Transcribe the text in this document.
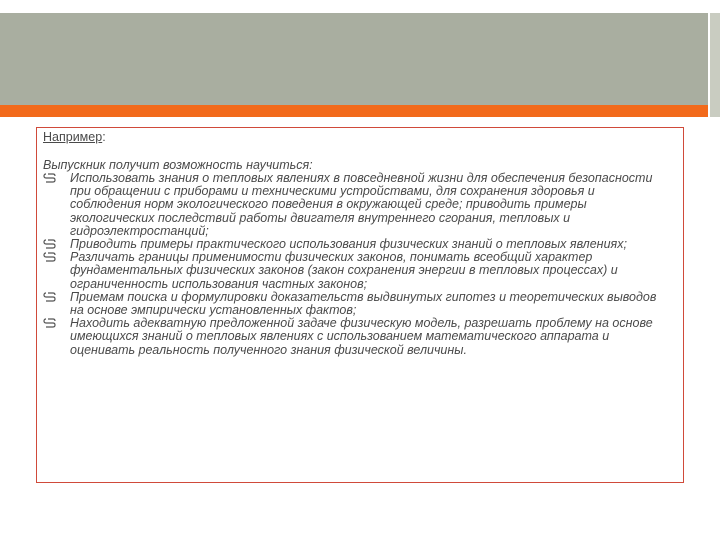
Например:

Выпускник получит возможность научиться:

Использовать знания о тепловых явлениях в повседневной жизни для обеспечения безопасности при обращении с приборами и техническими устройствами, для сохранения здоровья и соблюдения норм экологического поведения в окружающей среде; приводить примеры экологических последствий работы двигателя внутреннего сгорания, тепловых и гидроэлектростанций;
Приводить примеры практического использования физических знаний о тепловых явлениях;
Различать границы применимости физических законов, понимать всеобщий характер фундаментальных физических законов (закон сохранения энергии в тепловых процессах) и ограниченность использования частных законов;
Приемам поиска и формулировки доказательств выдвинутых гипотез и теоретических выводов на основе эмпирически установленных фактов;
Находить адекватную предложенной задаче физическую модель, разрешать проблему на основе имеющихся знаний о тепловых явлениях с использованием математического аппарата и оценивать реальность полученного знания физической величины.
